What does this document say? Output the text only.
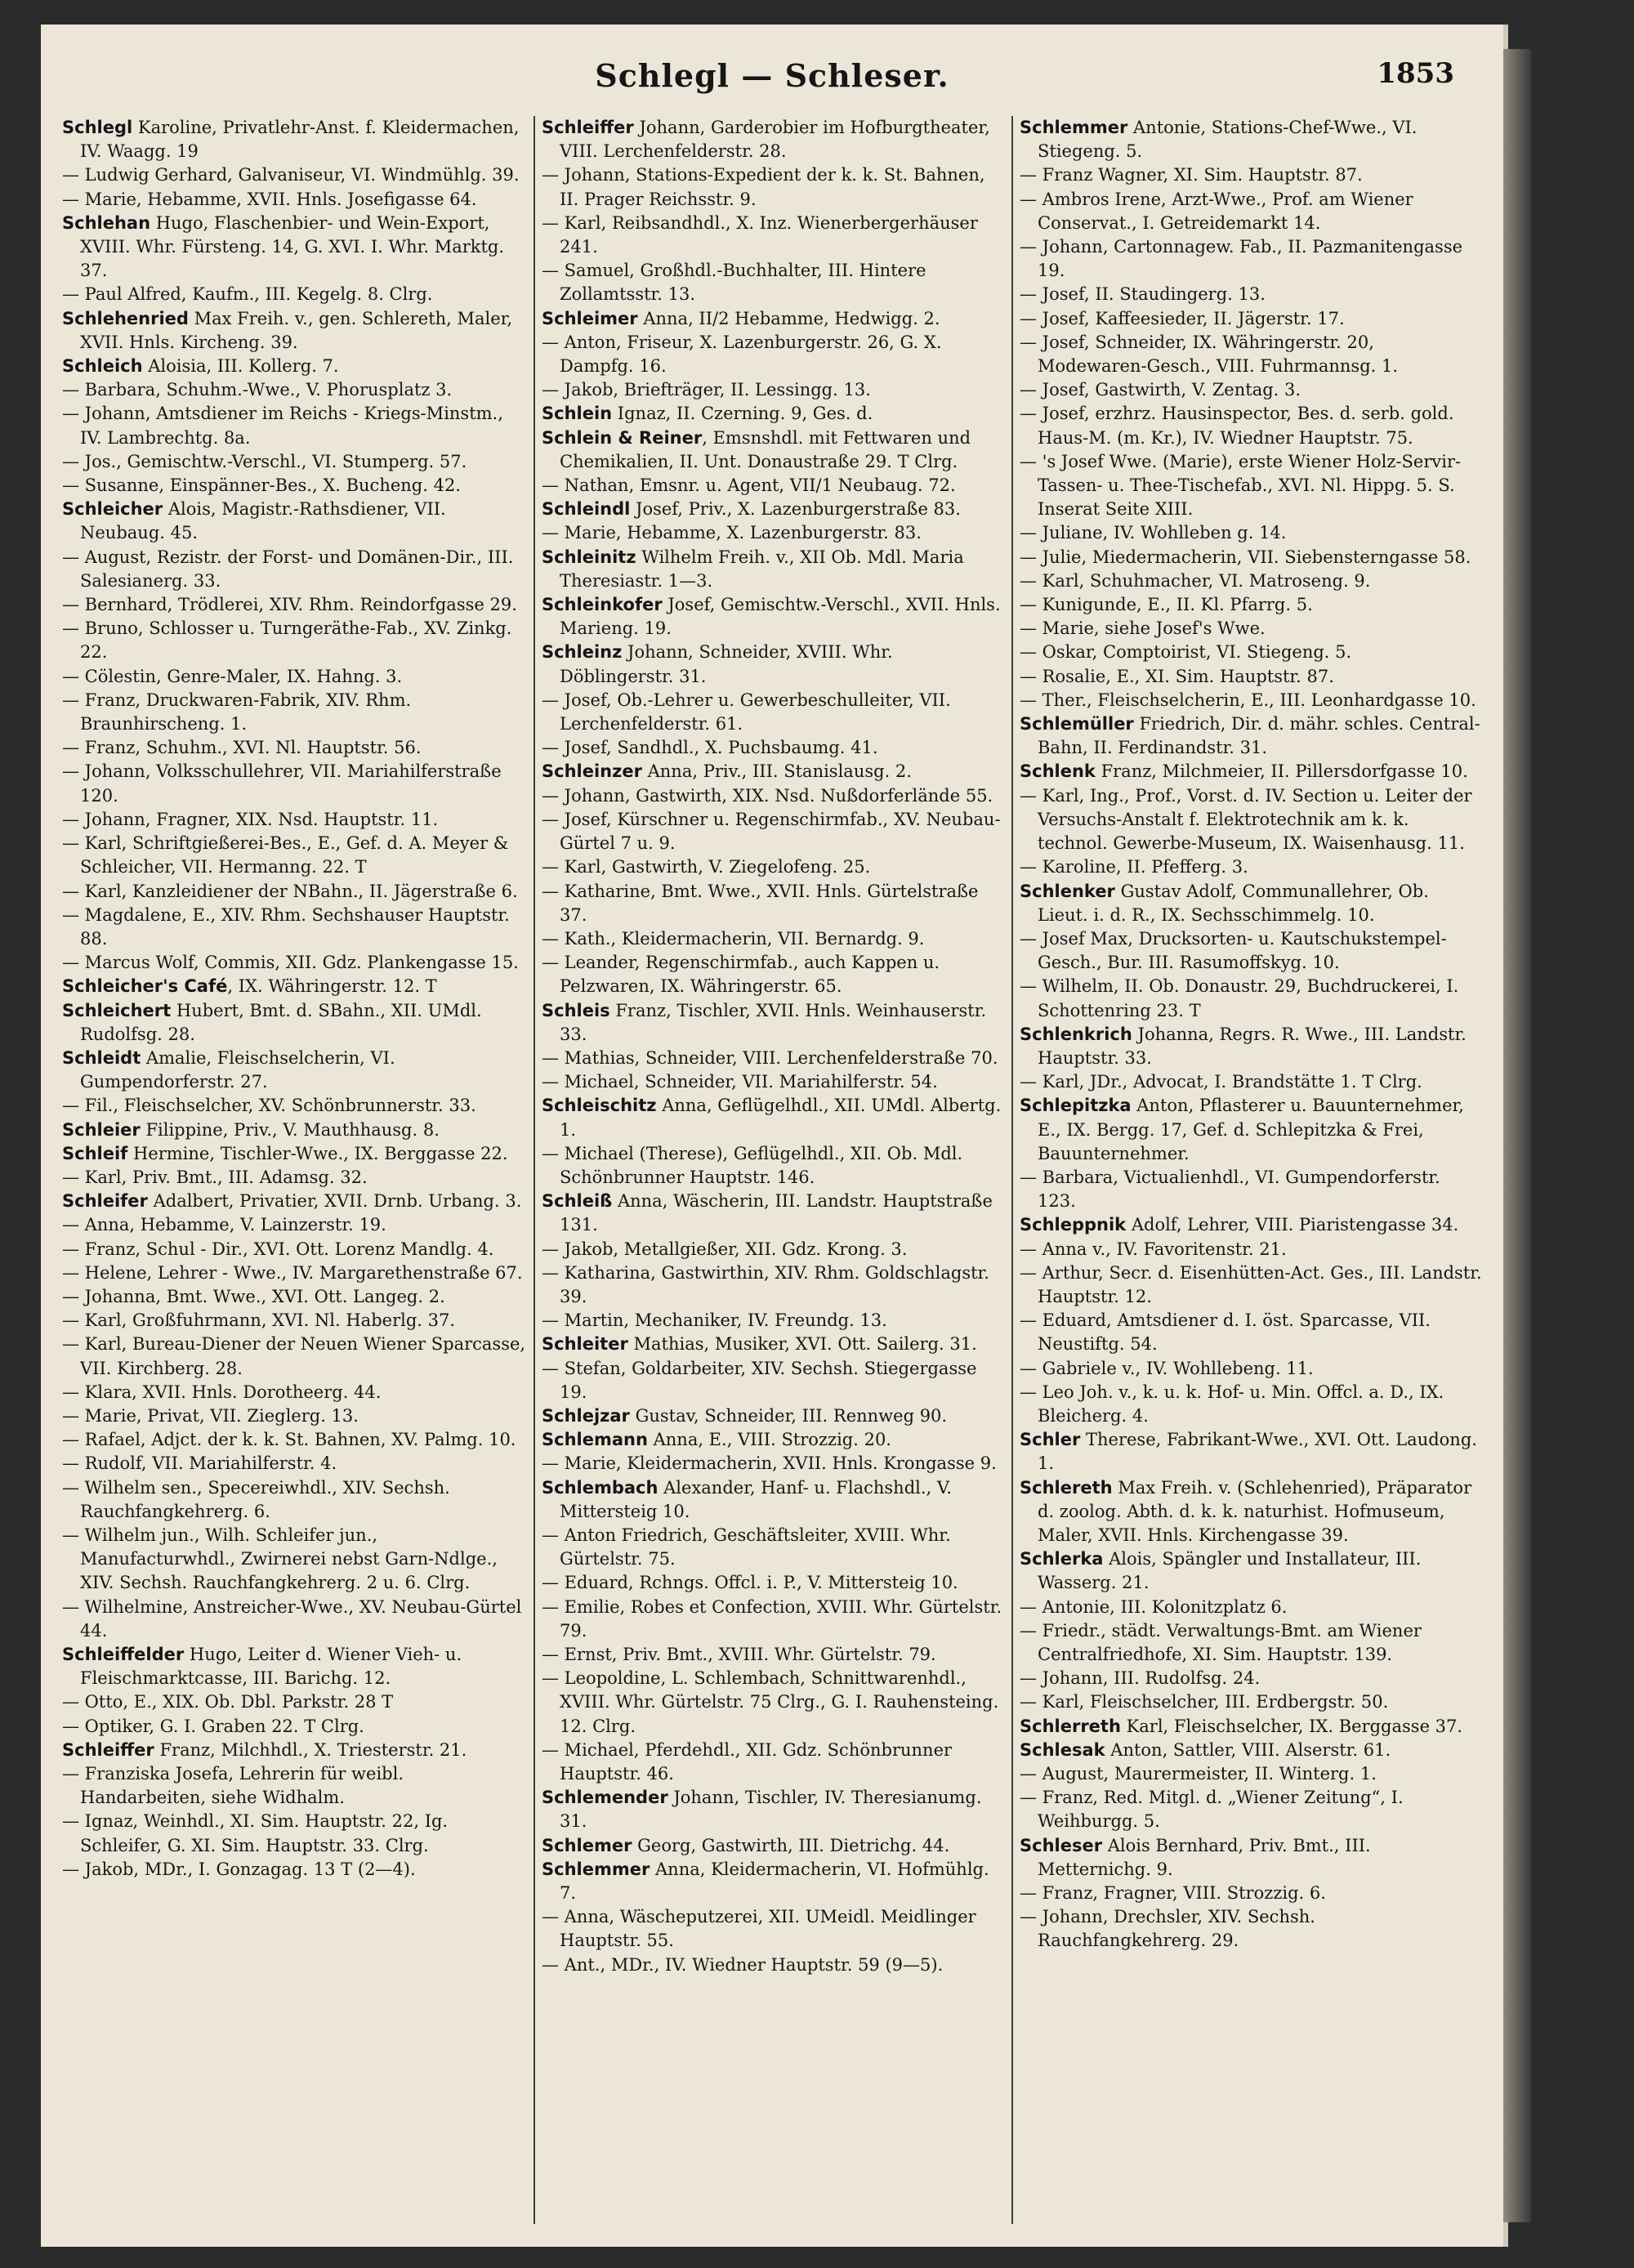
Schlegl — Schleser.	1853

Schlegl Karoline, Privatlehr-Anst. f. Kleidermachen, IV. Waagg. 19

— Ludwig Gerhard, Galvaniseur, VI. Windmühlg. 39.

— Marie, Hebamme, XVII. Hnls. Josefigasse 64.

Schlehan Hugo, Flaschenbier- und Wein-Export, XVIII. Whr. Fürsteng. 14, G. XVI. I. Whr. Marktg. 37.

— Paul Alfred, Kaufm., III. Kegelg. 8. Clrg.

Schlehenried Max Freih. v., gen. Schlereth, Maler, XVII. Hnls. Kircheng. 39.

Schleich Aloisia, III. Kollerg. 7.

— Barbara, Schuhm.-Wwe., V. Phorusplatz 3.

— Johann, Amtsdiener im Reichs - Kriegs-Minstm., IV. Lambrechtg. 8a.

— Jos., Gemischtw.-Verschl., VI. Stumperg. 57.

— Susanne, Einspänner-Bes., X. Bucheng. 42.

Schleicher Alois, Magistr.-Rathsdiener, VII. Neubaug. 45.

— August, Rezistr. der Forst- und Domänen-Dir., III. Salesianerg. 33.

— Bernhard, Trödlerei, XIV. Rhm. Reindorfgasse 29.

— Bruno, Schlosser u. Turngeräthe-Fab., XV. Zinkg. 22.

— Cölestin, Genre-Maler, IX. Hahng. 3.

— Franz, Druckwaren-Fabrik, XIV. Rhm. Braunhirscheng. 1.

— Franz, Schuhm., XVI. Nl. Hauptstr. 56.

— Johann, Volksschullehrer, VII. Mariahilferstraße 120.

— Johann, Fragner, XIX. Nsd. Hauptstr. 11.

— Karl, Schriftgießerei-Bes., E., Gef. d. A. Meyer & Schleicher, VII. Hermanng. 22. T

— Karl, Kanzleidiener der NBahn., II. Jägerstraße 6.

— Magdalene, E., XIV. Rhm. Sechshauser Hauptstr. 88.

— Marcus Wolf, Commis, XII. Gdz. Plankengasse 15.

Schleicher's Café, IX. Währingerstr. 12. T

Schleichert Hubert, Bmt. d. SBahn., XII. UMdl. Rudolfsg. 28.

Schleidt Amalie, Fleischselcherin, VI. Gumpendorferstr. 27.

— Fil., Fleischselcher, XV. Schönbrunnerstr. 33.

Schleier Filippine, Priv., V. Mauthhausg. 8.

Schleif Hermine, Tischler-Wwe., IX. Berggasse 22.

— Karl, Priv. Bmt., III. Adamsg. 32.

Schleifer Adalbert, Privatier, XVII. Drnb. Urbang. 3.

— Anna, Hebamme, V. Lainzerstr. 19.

— Franz, Schul - Dir., XVI. Ott. Lorenz Mandlg. 4.

— Helene, Lehrer - Wwe., IV. Margarethenstraße 67.

— Johanna, Bmt. Wwe., XVI. Ott. Langeg. 2.

— Karl, Großfuhrmann, XVI. Nl. Haberlg. 37.

— Karl, Bureau-Diener der Neuen Wiener Sparcasse, VII. Kirchberg. 28.

— Klara, XVII. Hnls. Dorotheerg. 44.

— Marie, Privat, VII. Zieglerg. 13.

— Rafael, Adjct. der k. k. St. Bahnen, XV. Palmg. 10.

— Rudolf, VII. Mariahilferstr. 4.

— Wilhelm sen., Specereiwhdl., XIV. Sechsh. Rauchfangkehrerg. 6.

— Wilhelm jun., Wilh. Schleifer jun., Manufacturwhdl., Zwirnerei nebst Garn-Ndlge., XIV. Sechsh. Rauchfangkehrerg. 2 u. 6. Clrg.

— Wilhelmine, Anstreicher-Wwe., XV. Neubau-Gürtel 44.

Schleiffelder Hugo, Leiter d. Wiener Vieh- u. Fleischmarktcasse, III. Barichg. 12.

— Otto, E., XIX. Ob. Dbl. Parkstr. 28 T

— Optiker, G. I. Graben 22. T Clrg.

Schleiffer Franz, Milchhdl., X. Triesterstr. 21.

— Franziska Josefa, Lehrerin für weibl. Handarbeiten, siehe Widhalm.

— Ignaz, Weinhdl., XI. Sim. Hauptstr. 22, Ig. Schleifer, G. XI. Sim. Hauptstr. 33. Clrg.

— Jakob, MDr., I. Gonzagag. 13 T (2—4).

Schleiffer Johann, Garderobier im Hofburgtheater, VIII. Lerchenfelderstr. 28.

— Johann, Stations-Expedient der k. k. St. Bahnen, II. Prager Reichsstr. 9.

— Karl, Reibsandhdl., X. Inz. Wienerbergerhäuser 241.

— Samuel, Großhdl.-Buchhalter, III. Hintere Zollamtsstr. 13.

Schleimer Anna, II/2 Hebamme, Hedwigg. 2.

— Anton, Friseur, X. Lazenburgerstr. 26, G. X. Dampfg. 16.

— Jakob, Briefträger, II. Lessingg. 13.

Schlein Ignaz, II. Czerning. 9, Ges. d.

Schlein & Reiner, Emsnshdl. mit Fettwaren und Chemikalien, II. Unt. Donaustraße 29. T Clrg.

— Nathan, Emsnr. u. Agent, VII/1 Neubaug. 72.

Schleindl Josef, Priv., X. Lazenburgerstraße 83.

— Marie, Hebamme, X. Lazenburgerstr. 83.

Schleinitz Wilhelm Freih. v., XII Ob. Mdl. Maria Theresiastr. 1—3.

Schleinkofer Josef, Gemischtw.-Verschl., XVII. Hnls. Marieng. 19.

Schleinz Johann, Schneider, XVIII. Whr. Döblingerstr. 31.

— Josef, Ob.-Lehrer u. Gewerbeschulleiter, VII. Lerchenfelderstr. 61.

— Josef, Sandhdl., X. Puchsbaumg. 41.

Schleinzer Anna, Priv., III. Stanislausg. 2.

— Johann, Gastwirth, XIX. Nsd. Nußdorferlände 55.

— Josef, Kürschner u. Regenschirmfab., XV. Neubau-Gürtel 7 u. 9.

— Karl, Gastwirth, V. Ziegelofeng. 25.

— Katharine, Bmt. Wwe., XVII. Hnls. Gürtelstraße 37.

— Kath., Kleidermacherin, VII. Bernardg. 9.

— Leander, Regenschirmfab., auch Kappen u. Pelzwaren, IX. Währingerstr. 65.

Schleis Franz, Tischler, XVII. Hnls. Weinhauserstr. 33.

— Mathias, Schneider, VIII. Lerchenfelderstraße 70.

— Michael, Schneider, VII. Mariahilferstr. 54.

Schleischitz Anna, Geflügelhdl., XII. UMdl. Albertg. 1.

— Michael (Therese), Geflügelhdl., XII. Ob. Mdl. Schönbrunner Hauptstr. 146.

Schleiß Anna, Wäscherin, III. Landstr. Hauptstraße 131.

— Jakob, Metallgießer, XII. Gdz. Krong. 3.

— Katharina, Gastwirthin, XIV. Rhm. Goldschlagstr. 39.

— Martin, Mechaniker, IV. Freundg. 13.

Schleiter Mathias, Musiker, XVI. Ott. Sailerg. 31.

— Stefan, Goldarbeiter, XIV. Sechsh. Stiegergasse 19.

Schlejzar Gustav, Schneider, III. Rennweg 90.

Schlemann Anna, E., VIII. Strozzig. 20.

— Marie, Kleidermacherin, XVII. Hnls. Krongasse 9.

Schlembach Alexander, Hanf- u. Flachshdl., V. Mittersteig 10.

— Anton Friedrich, Geschäftsleiter, XVIII. Whr. Gürtelstr. 75.

— Eduard, Rchngs. Offcl. i. P., V. Mittersteig 10.

— Emilie, Robes et Confection, XVIII. Whr. Gürtelstr. 79.

— Ernst, Priv. Bmt., XVIII. Whr. Gürtelstr. 79.

— Leopoldine, L. Schlembach, Schnittwarenhdl., XVIII. Whr. Gürtelstr. 75 Clrg., G. I. Rauhensteing. 12. Clrg.

— Michael, Pferdehdl., XII. Gdz. Schönbrunner Hauptstr. 46.

Schlemender Johann, Tischler, IV. Theresianumg. 31.

Schlemer Georg, Gastwirth, III. Dietrichg. 44.

Schlemmer Anna, Kleidermacherin, VI. Hofmühlg. 7.

— Anna, Wäscheputzerei, XII. UMeidl. Meidlinger Hauptstr. 55.

— Ant., MDr., IV. Wiedner Hauptstr. 59 (9—5).

Schlemmer Antonie, Stations-Chef-Wwe., VI. Stiegeng. 5.

— Franz Wagner, XI. Sim. Hauptstr. 87.

— Ambros Irene, Arzt-Wwe., Prof. am Wiener Conservat., I. Getreidemarkt 14.

— Johann, Cartonnagew. Fab., II. Pazmanitengasse 19.

— Josef, II. Staudingerg. 13.

— Josef, Kaffeesieder, II. Jägerstr. 17.

— Josef, Schneider, IX. Währingerstr. 20, Modewaren-Gesch., VIII. Fuhrmannsg. 1.

— Josef, Gastwirth, V. Zentag. 3.

— Josef, erzhrz. Hausinspector, Bes. d. serb. gold. Haus-M. (m. Kr.), IV. Wiedner Hauptstr. 75.

— 's Josef Wwe. (Marie), erste Wiener Holz-Servir-Tassen- u. Thee-Tischefab., XVI. Nl. Hippg. 5. S. Inserat Seite XIII.

— Juliane, IV. Wohlleben g. 14.

— Julie, Miedermacherin, VII. Siebensterngasse 58.

— Karl, Schuhmacher, VI. Matroseng. 9.

— Kunigunde, E., II. Kl. Pfarrg. 5.

— Marie, siehe Josef's Wwe.

— Oskar, Comptoirist, VI. Stiegeng. 5.

— Rosalie, E., XI. Sim. Hauptstr. 87.

— Ther., Fleischselcherin, E., III. Leonhardgasse 10.

Schlemüller Friedrich, Dir. d. mähr. schles. Central-Bahn, II. Ferdinandstr. 31.

Schlenk Franz, Milchmeier, II. Pillersdorfgasse 10.

— Karl, Ing., Prof., Vorst. d. IV. Section u. Leiter der Versuchs-Anstalt f. Elektrotechnik am k. k. technol. Gewerbe-Museum, IX. Waisenhausg. 11.

— Karoline, II. Pfefferg. 3.

Schlenker Gustav Adolf, Communallehrer, Ob. Lieut. i. d. R., IX. Sechsschimmelg. 10.

— Josef Max, Drucksorten- u. Kautschukstempel-Gesch., Bur. III. Rasumoffskyg. 10.

— Wilhelm, II. Ob. Donaustr. 29, Buchdruckerei, I. Schottenring 23. T

Schlenkrich Johanna, Regrs. R. Wwe., III. Landstr. Hauptstr. 33.

— Karl, JDr., Advocat, I. Brandstätte 1. T Clrg.

Schlepitzka Anton, Pflasterer u. Bauunternehmer, E., IX. Bergg. 17, Gef. d. Schlepitzka & Frei, Bauunternehmer.

— Barbara, Victualienhdl., VI. Gumpendorferstr. 123.

Schleppnik Adolf, Lehrer, VIII. Piaristengasse 34.

— Anna v., IV. Favoritenstr. 21.

— Arthur, Secr. d. Eisenhütten-Act. Ges., III. Landstr. Hauptstr. 12.

— Eduard, Amtsdiener d. I. öst. Sparcasse, VII. Neustiftg. 54.

— Gabriele v., IV. Wohllebeng. 11.

— Leo Joh. v., k. u. k. Hof- u. Min. Offcl. a. D., IX. Bleicherg. 4.

Schler Therese, Fabrikant-Wwe., XVI. Ott. Laudong. 1.

Schlereth Max Freih. v. (Schlehenried), Präparator d. zoolog. Abth. d. k. k. naturhist. Hofmuseum, Maler, XVII. Hnls. Kirchengasse 39.

Schlerka Alois, Spängler und Installateur, III. Wasserg. 21.

— Antonie, III. Kolonitzplatz 6.

— Friedr., städt. Verwaltungs-Bmt. am Wiener Centralfriedhofe, XI. Sim. Hauptstr. 139.

— Johann, III. Rudolfsg. 24.

— Karl, Fleischselcher, III. Erdbergstr. 50.

Schlerreth Karl, Fleischselcher, IX. Berggasse 37.

Schlesak Anton, Sattler, VIII. Alserstr. 61.

— August, Maurermeister, II. Winterg. 1.

— Franz, Red. Mitgl. d. „Wiener Zeitung“, I. Weihburgg. 5.

Schleser Alois Bernhard, Priv. Bmt., III. Metternichg. 9.

— Franz, Fragner, VIII. Strozzig. 6.

— Johann, Drechsler, XIV. Sechsh. Rauchfangkehrerg. 29.
